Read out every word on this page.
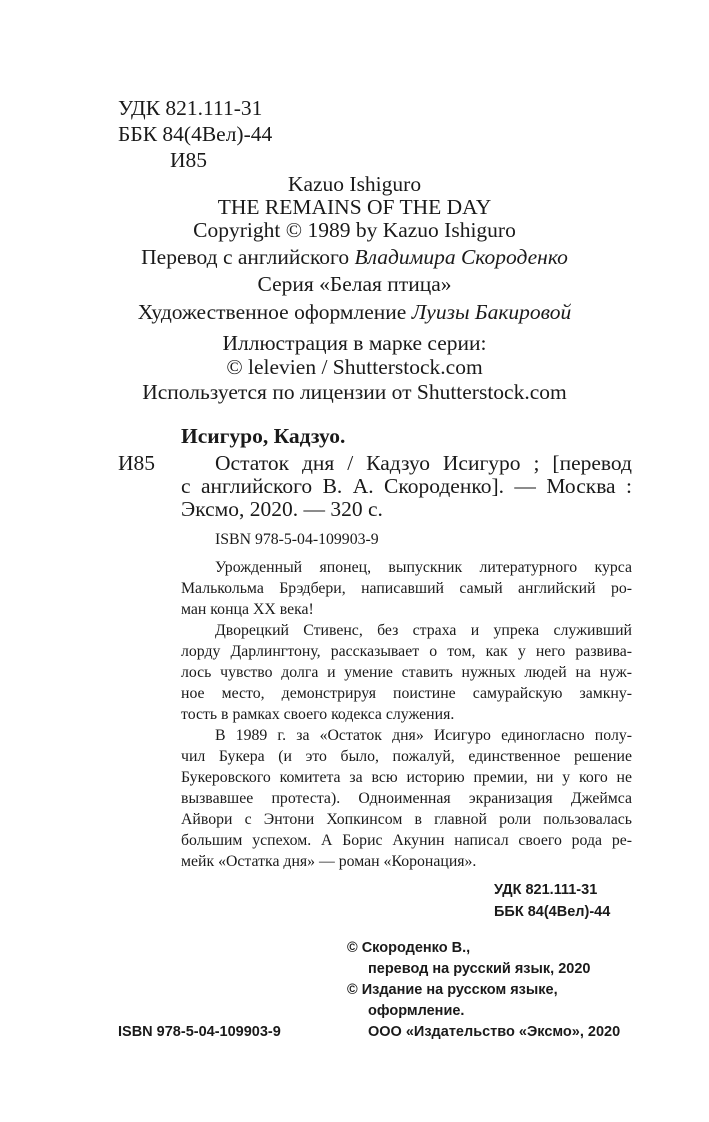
УДК 821.111-31
ББК 84(4Вел)-44
И85
Kazuo Ishiguro
THE REMAINS OF THE DAY
Copyright © 1989 by Kazuo Ishiguro
Перевод с английского Владимира Скороденко
Серия «Белая птица»
Художественное оформление Луизы Бакировой
Иллюстрация в марке серии:
© lelevien / Shutterstock.com
Используется по лицензии от Shutterstock.com
Исигуро, Кадзуо.
И85	Остаток дня / Кадзуо Исигуро ; [перевод
с английского В. А. Скороденко]. — Москва :
Эксмо, 2020. — 320 с.
ISBN 978-5-04-109903-9
Урожденный японец, выпускник литературного курса
Малькольма Брэдбери, написавший самый английский ро-
ман конца XX века!
Дворецкий Стивенс, без страха и упрека служивший
лорду Дарлингтону, рассказывает о том, как у него развива-
лось чувство долга и умение ставить нужных людей на нуж-
ное место, демонстрируя поистине самурайскую замкну-
тость в рамках своего кодекса служения.
В 1989 г. за «Остаток дня» Исигуро единогласно полу-
чил Букера (и это было, пожалуй, единственное решение
Букеровского комитета за всю историю премии, ни у кого не
вызвавшее протеста). Одноименная экранизация Джеймса
Айвори с Энтони Хопкинсом в главной роли пользовалась
большим успехом. А Борис Акунин написал своего рода ре-
мейк «Остатка дня» — роман «Коронация».
УДК 821.111-31
ББК 84(4Вел)-44
© Скороденко В.,
перевод на русский язык, 2020
© Издание на русском языке,
оформление.
ООО «Издательство «Эксмо», 2020
ISBN 978-5-04-109903-9
